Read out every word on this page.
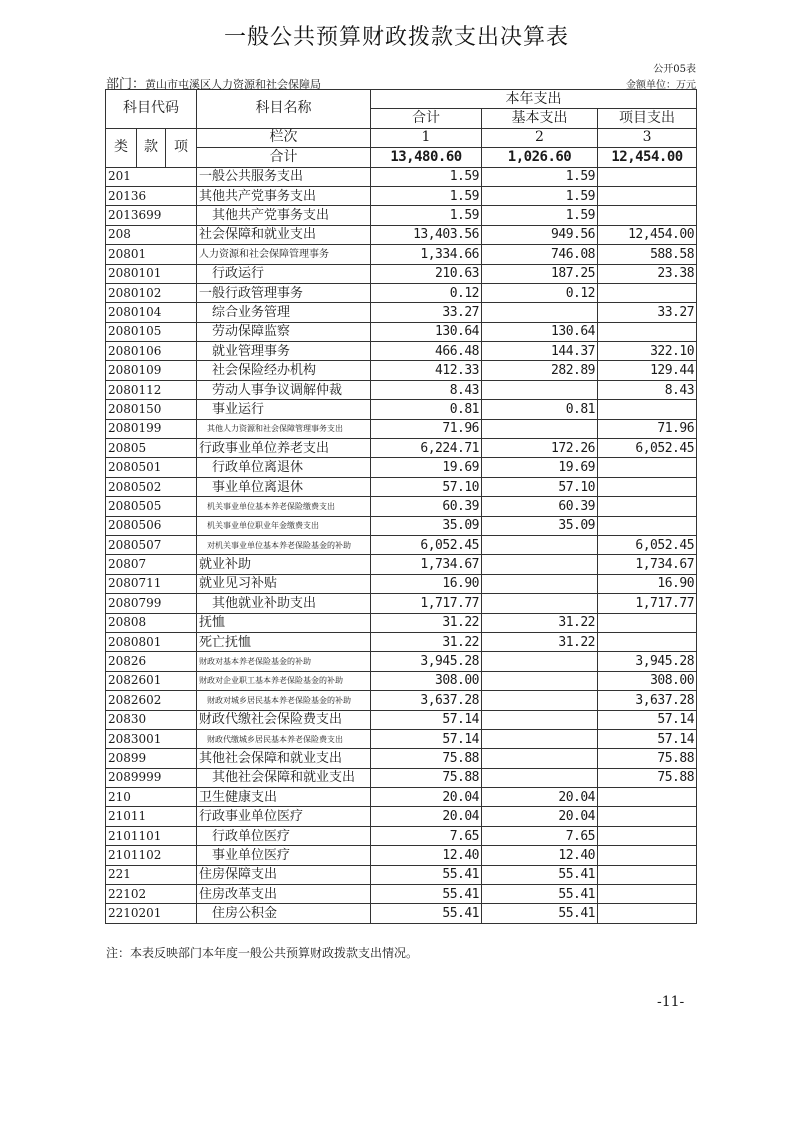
一般公共预算财政拨款支出决算表
公开05表
部门：黄山市屯溪区人力资源和社会保障局	金额单位：万元
科目代码			科目名称	本年支出		
				合计	基本支出	项目支出
类	款	项	栏次	1	2	3
			合计	13,480.60	1,026.60	12,454.00
201			一般公共服务支出	1.59	1.59	
20136			其他共产党事务支出	1.59	1.59	
2013699			其他共产党事务支出	1.59	1.59	
208			社会保障和就业支出	13,403.56	949.56	12,454.00
20801			人力资源和社会保障管理事务	1,334.66	746.08	588.58
2080101			行政运行	210.63	187.25	23.38
2080102			一般行政管理事务	0.12	0.12	
2080104			综合业务管理	33.27		33.27
2080105			劳动保障监察	130.64	130.64	
2080106			就业管理事务	466.48	144.37	322.10
2080109			社会保险经办机构	412.33	282.89	129.44
2080112			劳动人事争议调解仲裁	8.43		8.43
2080150			事业运行	0.81	0.81	
2080199			其他人力资源和社会保障管理事务支出	71.96		71.96
20805			行政事业单位养老支出	6,224.71	172.26	6,052.45
2080501			行政单位离退休	19.69	19.69	
2080502			事业单位离退休	57.10	57.10	
2080505			机关事业单位基本养老保险缴费支出	60.39	60.39	
2080506			机关事业单位职业年金缴费支出	35.09	35.09	
2080507			对机关事业单位基本养老保险基金的补助	6,052.45		6,052.45
20807			就业补助	1,734.67		1,734.67
2080711			就业见习补贴	16.90		16.90
2080799			其他就业补助支出	1,717.77		1,717.77
20808			抚恤	31.22	31.22	
2080801			死亡抚恤	31.22	31.22	
20826			财政对基本养老保险基金的补助	3,945.28		3,945.28
2082601			财政对企业职工基本养老保险基金的补助	308.00		308.00
2082602			财政对城乡居民基本养老保险基金的补助	3,637.28		3,637.28
20830			财政代缴社会保险费支出	57.14		57.14
2083001			财政代缴城乡居民基本养老保险费支出	57.14		57.14
20899			其他社会保障和就业支出	75.88		75.88
2089999			其他社会保障和就业支出	75.88		75.88
210			卫生健康支出	20.04	20.04	
21011			行政事业单位医疗	20.04	20.04	
2101101			行政单位医疗	7.65	7.65	
2101102			事业单位医疗	12.40	12.40	
221			住房保障支出	55.41	55.41	
22102			住房改革支出	55.41	55.41	
2210201			住房公积金	55.41	55.41	
注：本表反映部门本年度一般公共预算财政拨款支出情况。
-11-
